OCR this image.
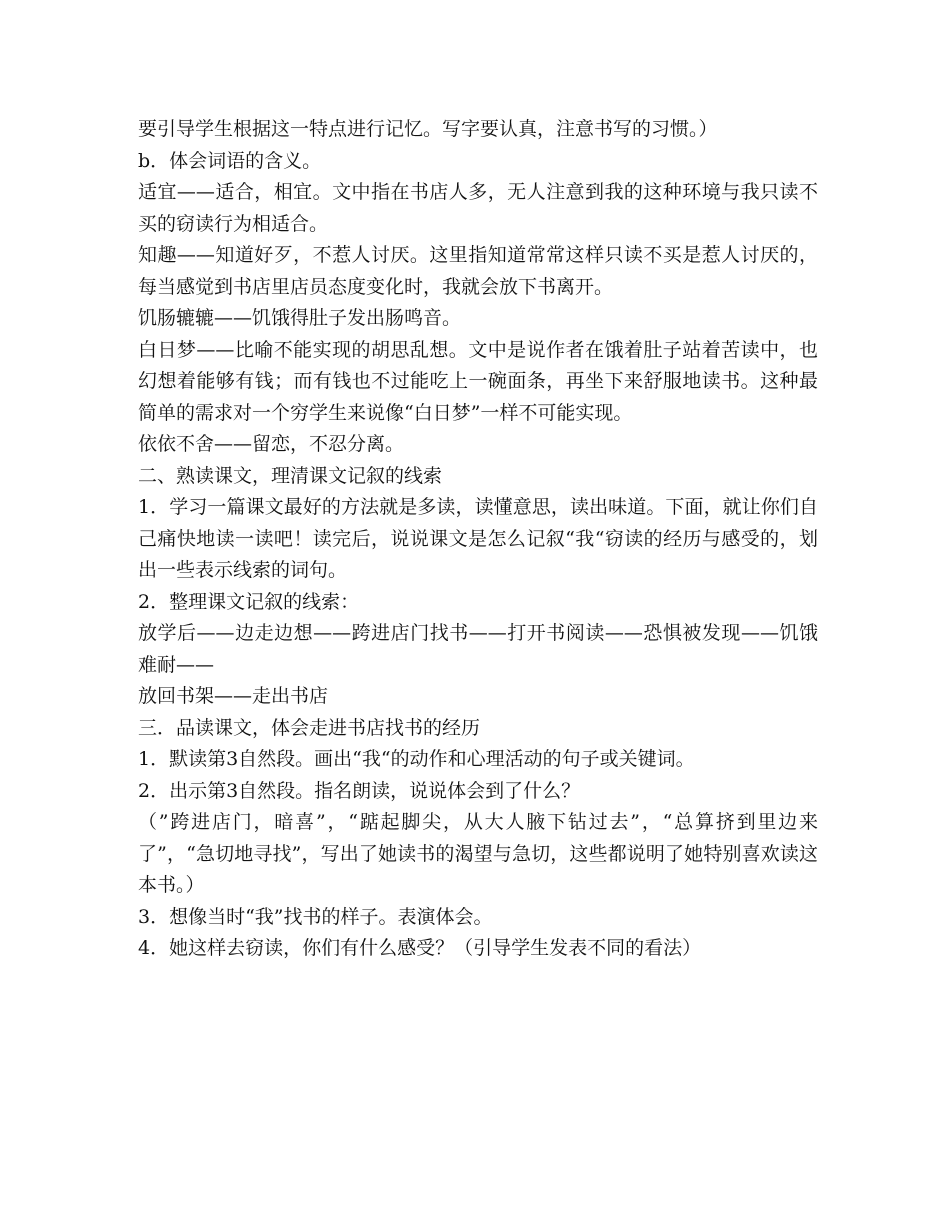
要引导学生根据这一特点进行记忆。写字要认真，注意书写的习惯。）

b．体会词语的含义。

适宜——适合，相宜。文中指在书店人多，无人注意到我的这种环境与我只读不买的窃读行为相适合。

知趣——知道好歹，不惹人讨厌。这里指知道常常这样只读不买是惹人讨厌的，每当感觉到书店里店员态度变化时，我就会放下书离开。

饥肠辘辘——饥饿得肚子发出肠鸣音。

白日梦——比喻不能实现的胡思乱想。文中是说作者在饿着肚子站着苦读中，也幻想着能够有钱；而有钱也不过能吃上一碗面条，再坐下来舒服地读书。这种最简单的需求对一个穷学生来说像“白日梦”一样不可能实现。

依依不舍——留恋，不忍分离。

二、熟读课文，理清课文记叙的线索

1．学习一篇课文最好的方法就是多读，读懂意思，读出味道。下面，就让你们自己痛快地读一读吧！读完后，说说课文是怎么记叙“我“窃读的经历与感受的，划出一些表示线索的词句。

2．整理课文记叙的线索：

放学后——边走边想——跨进店门找书——打开书阅读——恐惧被发现——饥饿难耐——

放回书架——走出书店

三．品读课文，体会走进书店找书的经历

1．默读第3自然段。画出“我“的动作和心理活动的句子或关键词。

2．出示第3自然段。指名朗读，说说体会到了什么？

（”跨进店门，暗喜”，“踮起脚尖，从大人腋下钻过去”，“总算挤到里边来了”，“急切地寻找”，写出了她读书的渴望与急切，这些都说明了她特别喜欢读这本书。）

3．想像当时“我”找书的样子。表演体会。

4．她这样去窃读，你们有什么感受？（引导学生发表不同的看法）
